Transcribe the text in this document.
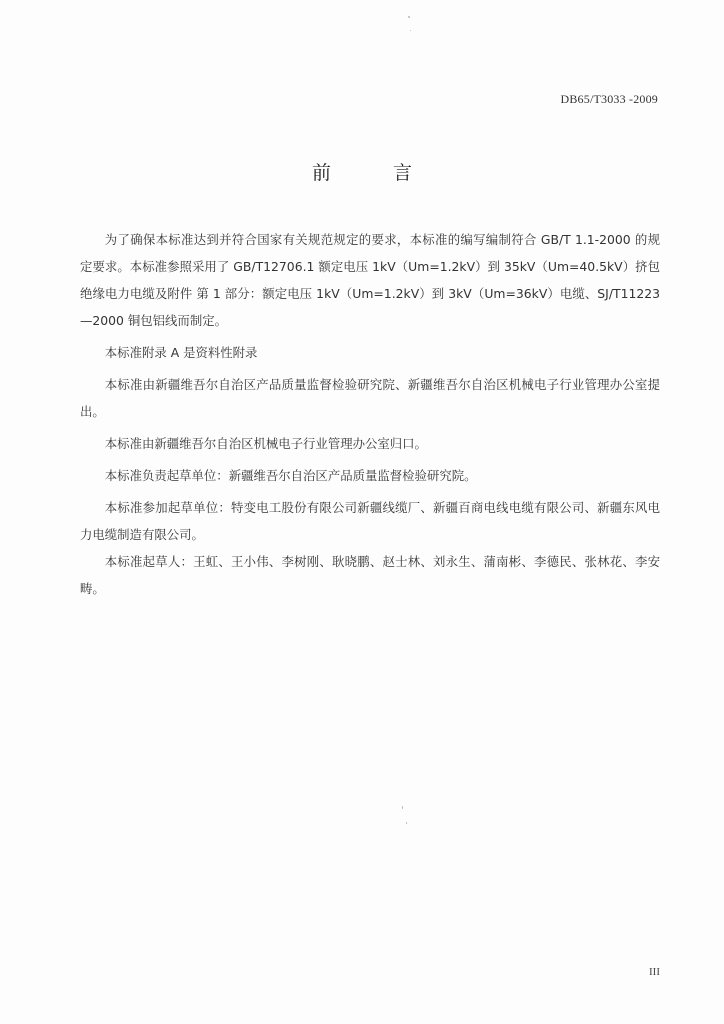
DB65/T3033 -2009
前 言

为了确保本标准达到并符合国家有关规范规定的要求，本标准的编写编制符合 GB/T 1.1-2000 的规定要求。本标准参照采用了 GB/T12706.1 额定电压 1kV（Um=1.2kV）到 35kV（Um=40.5kV）挤包绝缘电力电缆及附件 第 1 部分：额定电压 1kV（Um=1.2kV）到 3kV（Um=36kV）电缆、SJ/T11223 —2000 铜包铝线而制定。

本标准附录 A 是资料性附录

本标准由新疆维吾尔自治区产品质量监督检验研究院、新疆维吾尔自治区机械电子行业管理办公室提出。

本标准由新疆维吾尔自治区机械电子行业管理办公室归口。

本标准负责起草单位：新疆维吾尔自治区产品质量监督检验研究院。

本标准参加起草单位：特变电工股份有限公司新疆线缆厂、新疆百商电线电缆有限公司、新疆东风电力电缆制造有限公司。

本标准起草人：王虹、王小伟、李树刚、耿晓鹏、赵士林、刘永生、蒲南彬、李德民、张林花、李安畴。

III
